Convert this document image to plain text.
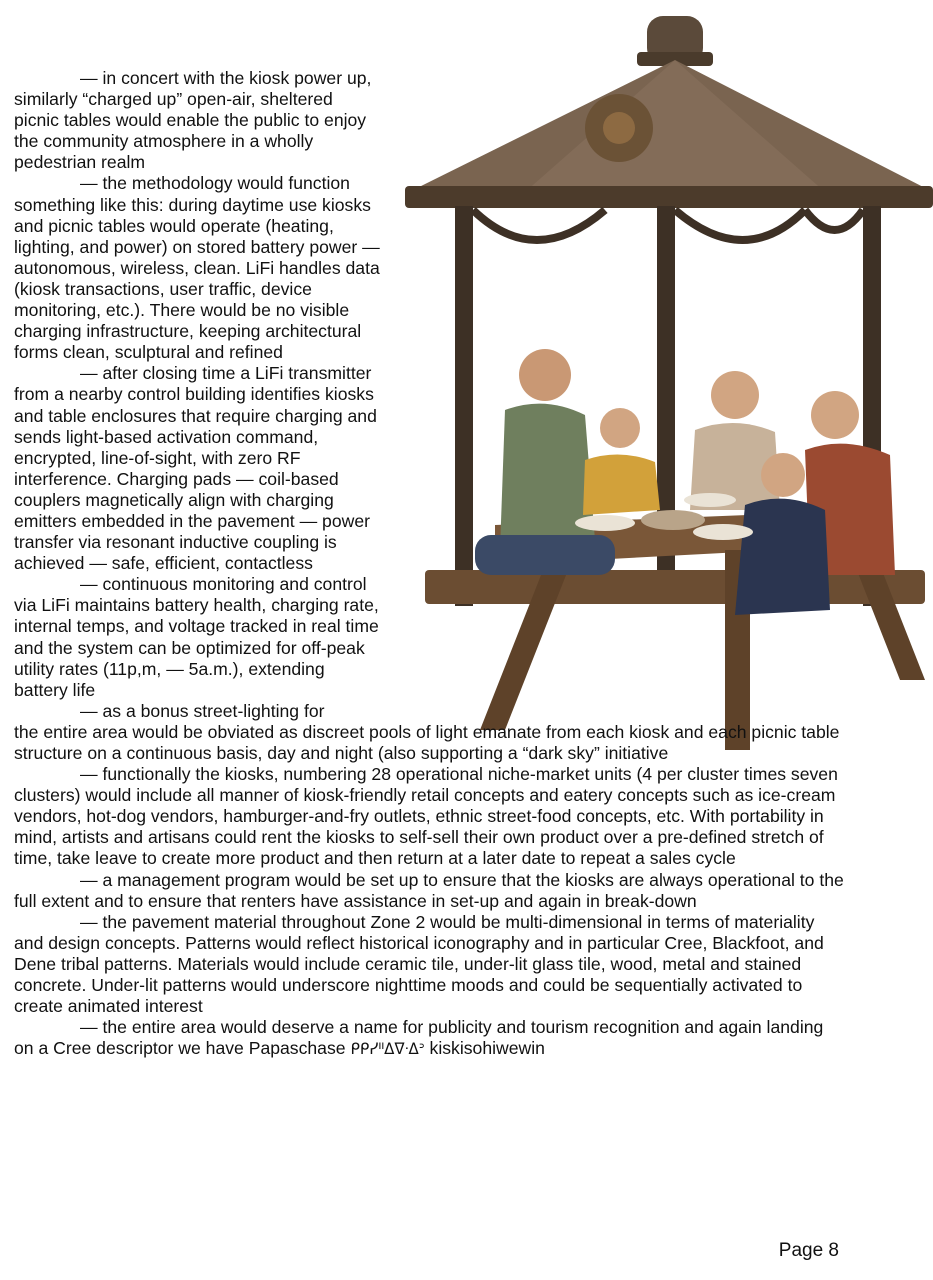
— in concert with the kiosk power up, similarly “charged up” open-air, sheltered picnic tables would enable the public to enjoy the community atmosphere in a wholly pedestrian realm

— the methodology would function something like this: during daytime use kiosks and picnic tables would operate (heating, lighting, and power) on stored battery power — autonomous, wireless, clean. LiFi handles data (kiosk transactions, user traffic, device monitoring, etc.). There would be no visible charging infrastructure, keeping architectural forms clean, sculptural and refined

— after closing time a LiFi transmitter from a nearby control building identifies kiosks and table enclosures that require charging and sends light-based activation command, encrypted, line-of-sight, with zero RF interference. Charging pads — coil-based couplers magnetically align with charging emitters embedded in the pavement — power transfer via resonant inductive coupling is achieved — safe, efficient, contactless

— continuous monitoring and control via LiFi maintains battery health, charging rate, internal temps, and voltage tracked in real time and the system can be optimized for off-peak utility rates (11p,m, — 5a.m.), extending battery life

— as a bonus street-lighting for

the entire area would be obviated as discreet pools of light emanate from each kiosk and each picnic table structure on a continuous basis, day and night (also supporting a “dark sky” initiative

— functionally the kiosks, numbering 28 operational niche-market units (4 per cluster times seven clusters) would include all manner of kiosk-friendly retail concepts and eatery concepts such as ice-cream vendors, hot-dog vendors, hamburger-and-fry outlets, ethnic street-food concepts, etc. With portability in mind, artists and artisans could rent the kiosks to self-sell their own product over a pre-defined stretch of time, take leave to create more product and then return at a later date to repeat a sales cycle

— a management program would be set up to ensure that the kiosks are always operational to the full extent and to ensure that renters have assistance in set-up and again in break-down

— the pavement material throughout Zone 2 would be multi-dimensional in terms of materiality and design concepts. Patterns would reflect historical iconography and in particular Cree, Blackfoot, and Dene tribal patterns. Materials would include ceramic tile, under-lit glass tile, wood, metal and stained concrete. Under-lit patterns would underscore nighttime moods and could be sequentially activated to create animated interest

— the entire area would deserve a name for publicity and tourism recognition and again landing on a Cree descriptor we have Papaschase ᑭᑭᓯᐦᐃᐁᐧᐃᐣ kiskisohiwewin

Page 8
